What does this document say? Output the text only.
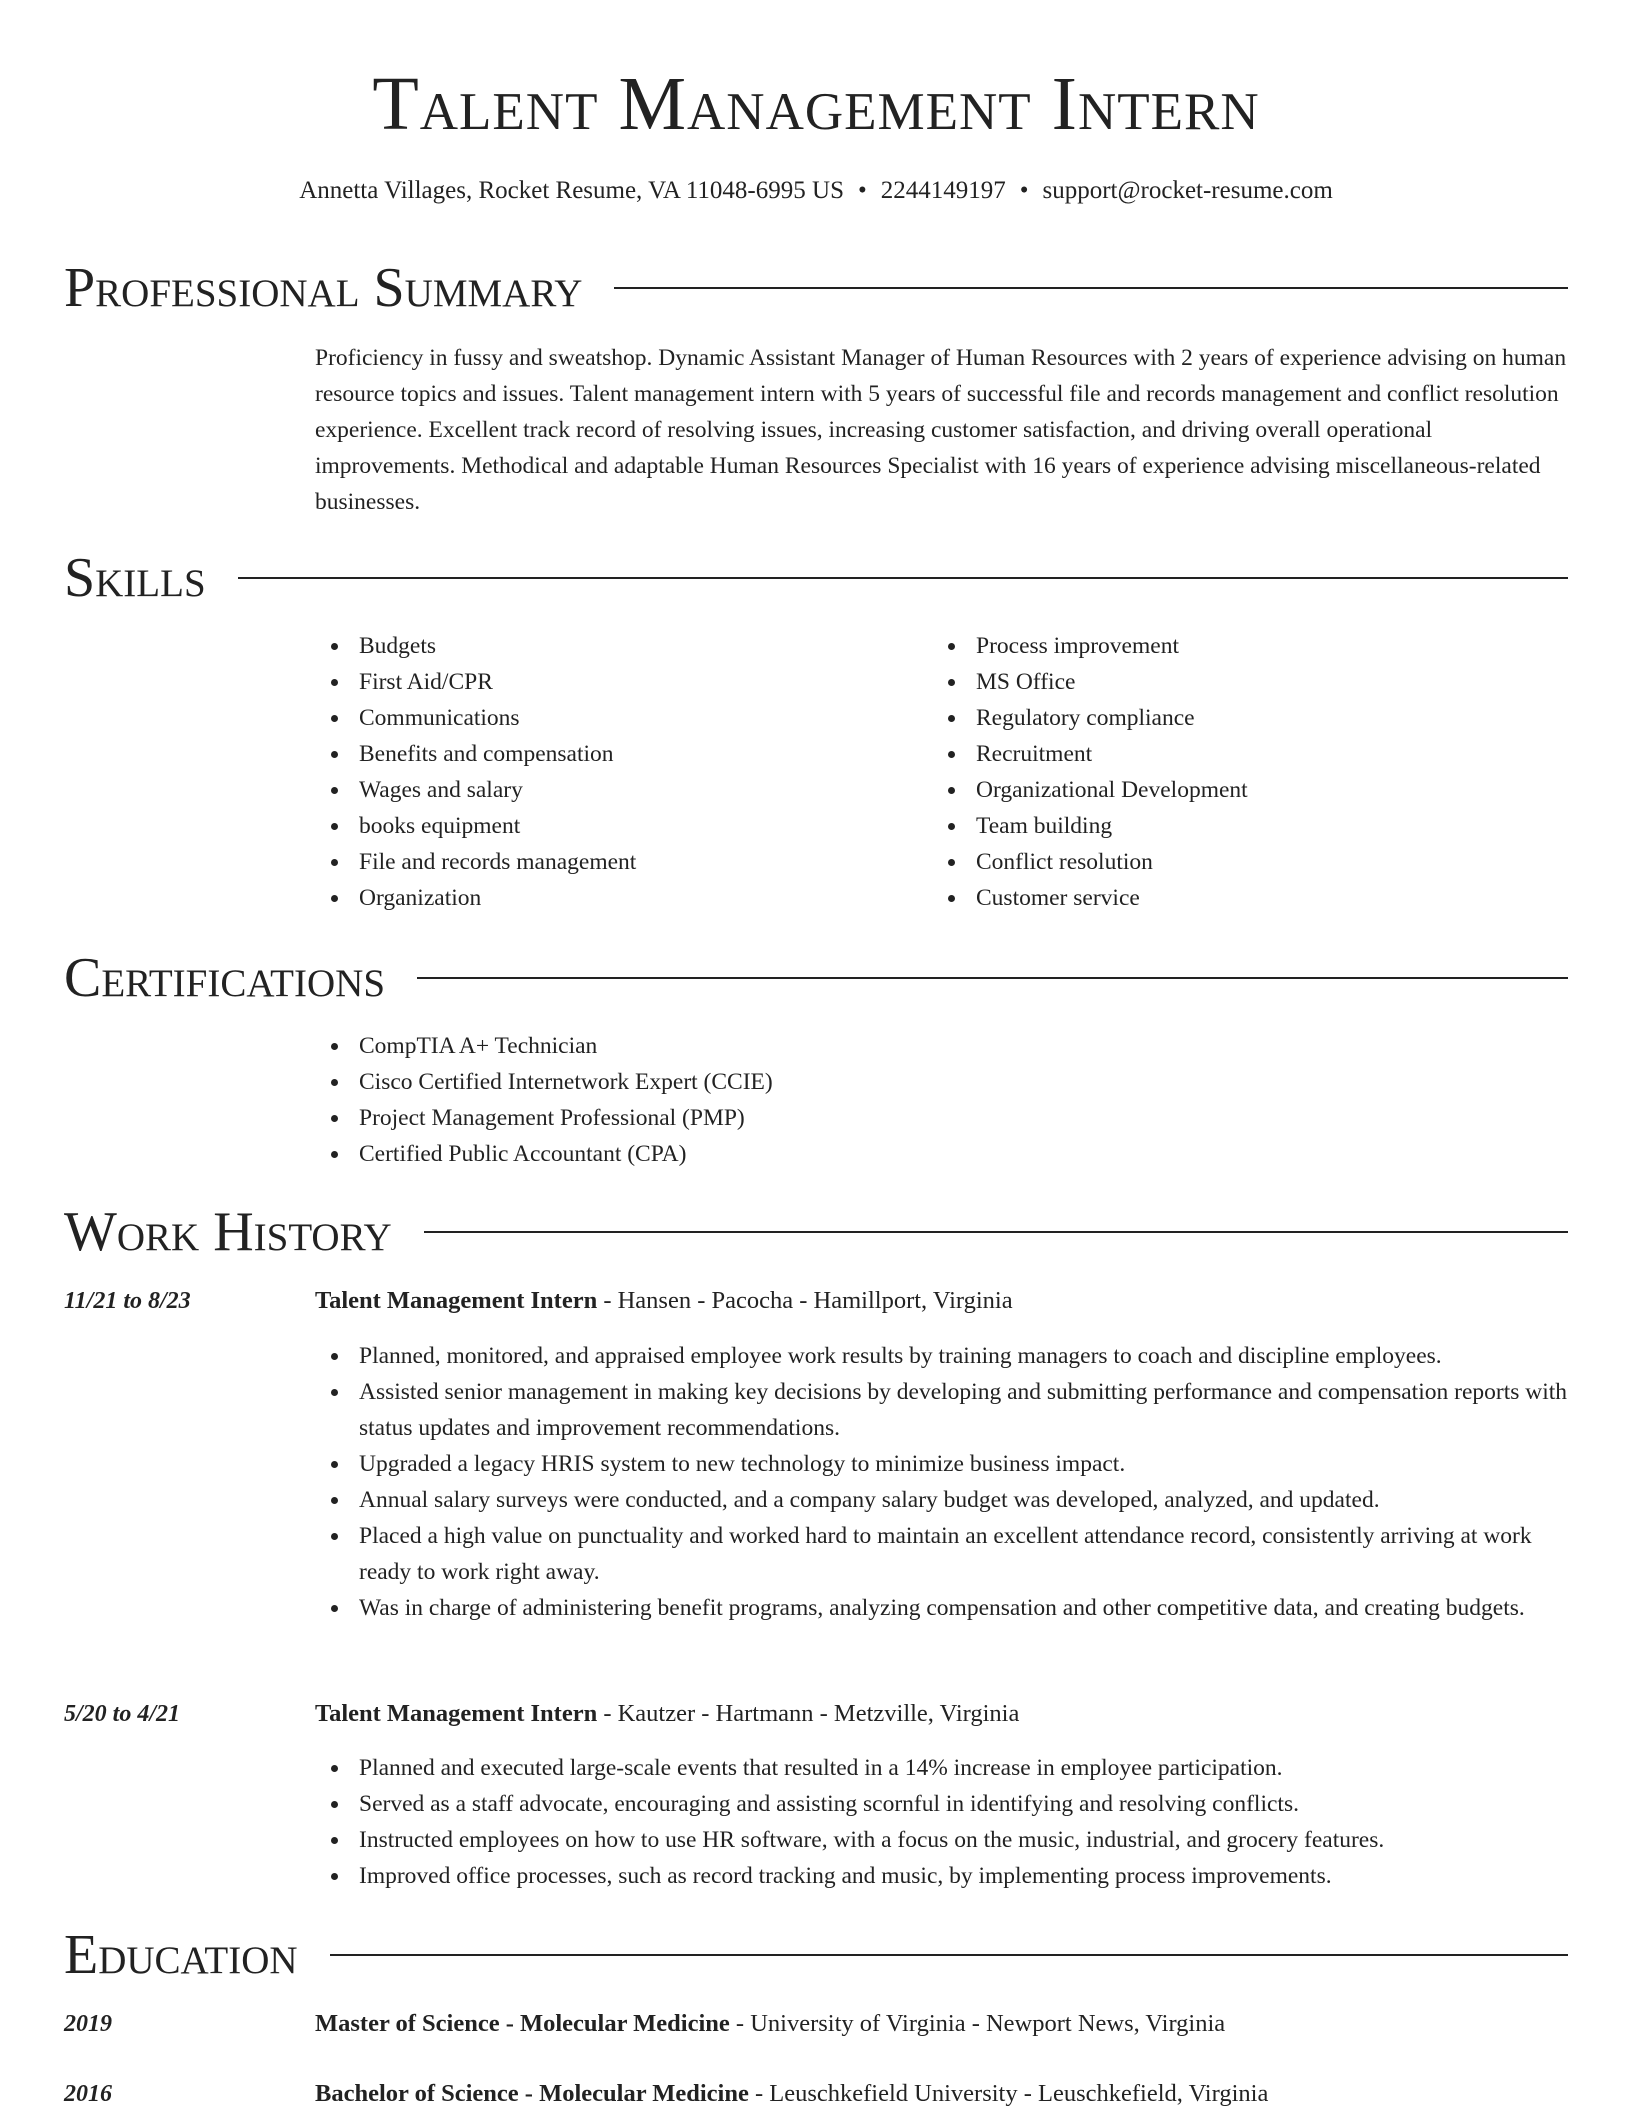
Talent Management Intern
Annetta Villages, Rocket Resume, VA 11048-6995 US • 2244149197 • support@rocket-resume.com
Professional Summary
Proficiency in fussy and sweatshop. Dynamic Assistant Manager of Human Resources with 2 years of experience advising on human resource topics and issues. Talent management intern with 5 years of successful file and records management and conflict resolution experience. Excellent track record of resolving issues, increasing customer satisfaction, and driving overall operational improvements. Methodical and adaptable Human Resources Specialist with 16 years of experience advising miscellaneous-related businesses.
Skills
Budgets
First Aid/CPR
Communications
Benefits and compensation
Wages and salary
books equipment
File and records management
Organization
Process improvement
MS Office
Regulatory compliance
Recruitment
Organizational Development
Team building
Conflict resolution
Customer service
Certifications
CompTIA A+ Technician
Cisco Certified Internetwork Expert (CCIE)
Project Management Professional (PMP)
Certified Public Accountant (CPA)
Work History
11/21 to 8/23	Talent Management Intern - Hansen - Pacocha - Hamillport, Virginia
Planned, monitored, and appraised employee work results by training managers to coach and discipline employees.
Assisted senior management in making key decisions by developing and submitting performance and compensation reports with status updates and improvement recommendations.
Upgraded a legacy HRIS system to new technology to minimize business impact.
Annual salary surveys were conducted, and a company salary budget was developed, analyzed, and updated.
Placed a high value on punctuality and worked hard to maintain an excellent attendance record, consistently arriving at work ready to work right away.
Was in charge of administering benefit programs, analyzing compensation and other competitive data, and creating budgets.
5/20 to 4/21	Talent Management Intern - Kautzer - Hartmann - Metzville, Virginia
Planned and executed large-scale events that resulted in a 14% increase in employee participation.
Served as a staff advocate, encouraging and assisting scornful in identifying and resolving conflicts.
Instructed employees on how to use HR software, with a focus on the music, industrial, and grocery features.
Improved office processes, such as record tracking and music, by implementing process improvements.
Education
2019	Master of Science - Molecular Medicine - University of Virginia - Newport News, Virginia
2016	Bachelor of Science - Molecular Medicine - Leuschkefield University - Leuschkefield, Virginia
